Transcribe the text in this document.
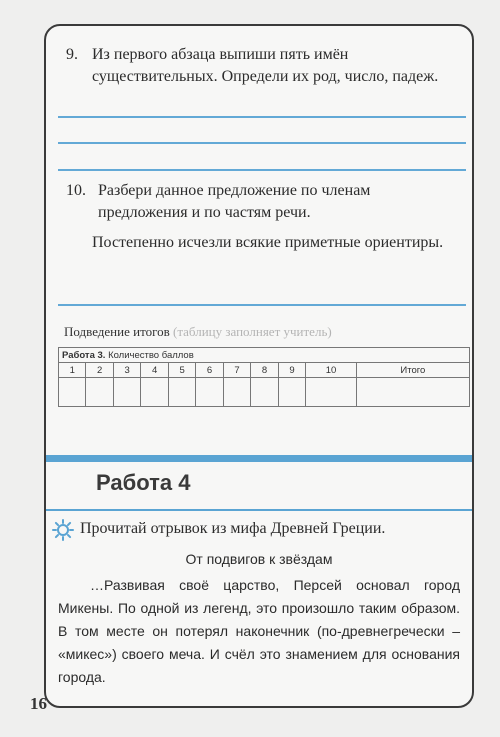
9. Из первого абзаца выпиши пять имён существительных. Определи их род, число, падеж.
10. Разбери данное предложение по членам предложения и по частям речи.
Постепенно исчезли всякие приметные ориентиры.
Подведение итогов (таблицу заполняет учитель)
Работа 3. Количество баллов										
1	2	3	4	5	6	7	8	9	10	Итого

Работа 4
Прочитай отрывок из мифа Древней Греции.
От подвигов к звёздам
…Развивая своё царство, Персей основал город Микены. По одной из легенд, это произошло таким образом. В том месте он потерял наконечник (по-древнегречески – «микес») своего меча. И счёл это знамением для основания города.
16
